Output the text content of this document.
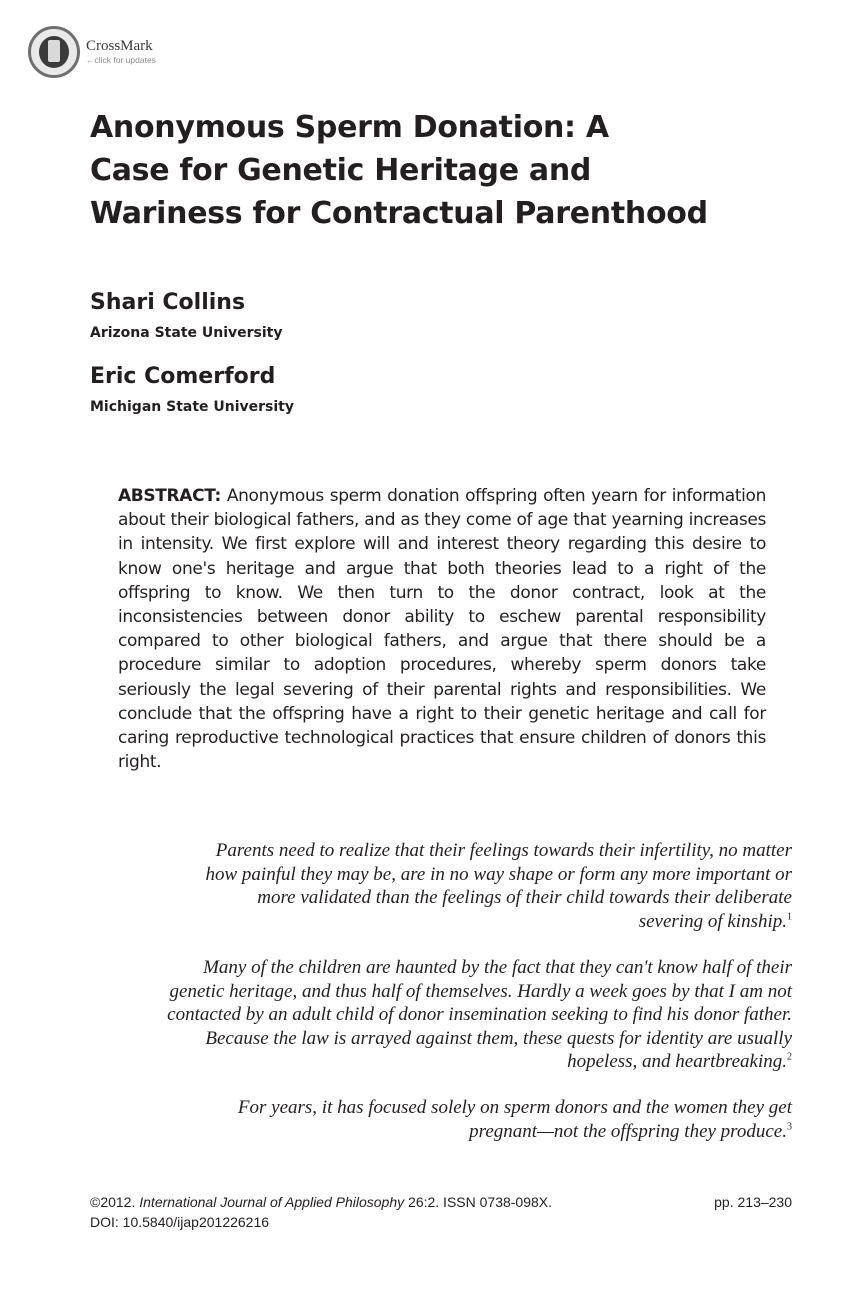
CrossMark
←click for updates
Anonymous Sperm Donation: A
Case for Genetic Heritage and
Wariness for Contractual Parenthood

Shari Collins

Arizona State University

Eric Comerford

Michigan State University

ABSTRACT: Anonymous sperm donation offspring often yearn for information about their biological fathers, and as they come of age that yearning increases in intensity. We first explore will and interest theory regarding this desire to know one's heritage and argue that both theories lead to a right of the offspring to know. We then turn to the donor contract, look at the inconsistencies between donor ability to eschew parental responsibility compared to other biological fathers, and argue that there should be a procedure similar to adoption procedures, whereby sperm donors take seriously the legal severing of their parental rights and responsibilities. We conclude that the offspring have a right to their genetic heritage and call for caring reproductive technological practices that ensure children of donors this right.

Parents need to realize that their feelings towards their infertility, no matter how painful they may be, are in no way shape or form any more important or more validated than the feelings of their child towards their deliberate severing of kinship.$^1$

Many of the children are haunted by the fact that they can't know half of their genetic heritage, and thus half of themselves. Hardly a week goes by that I am not contacted by an adult child of donor insemination seeking to find his donor father. Because the law is arrayed against them, these quests for identity are usually hopeless, and heartbreaking.$^2$

For years, it has focused solely on sperm donors and the women they get pregnant—not the offspring they produce.$^3$

©2012. International Journal of Applied Philosophy 26:2. ISSN 0738-098X.	pp. 213–230
DOI: 10.5840/ijap201226216
